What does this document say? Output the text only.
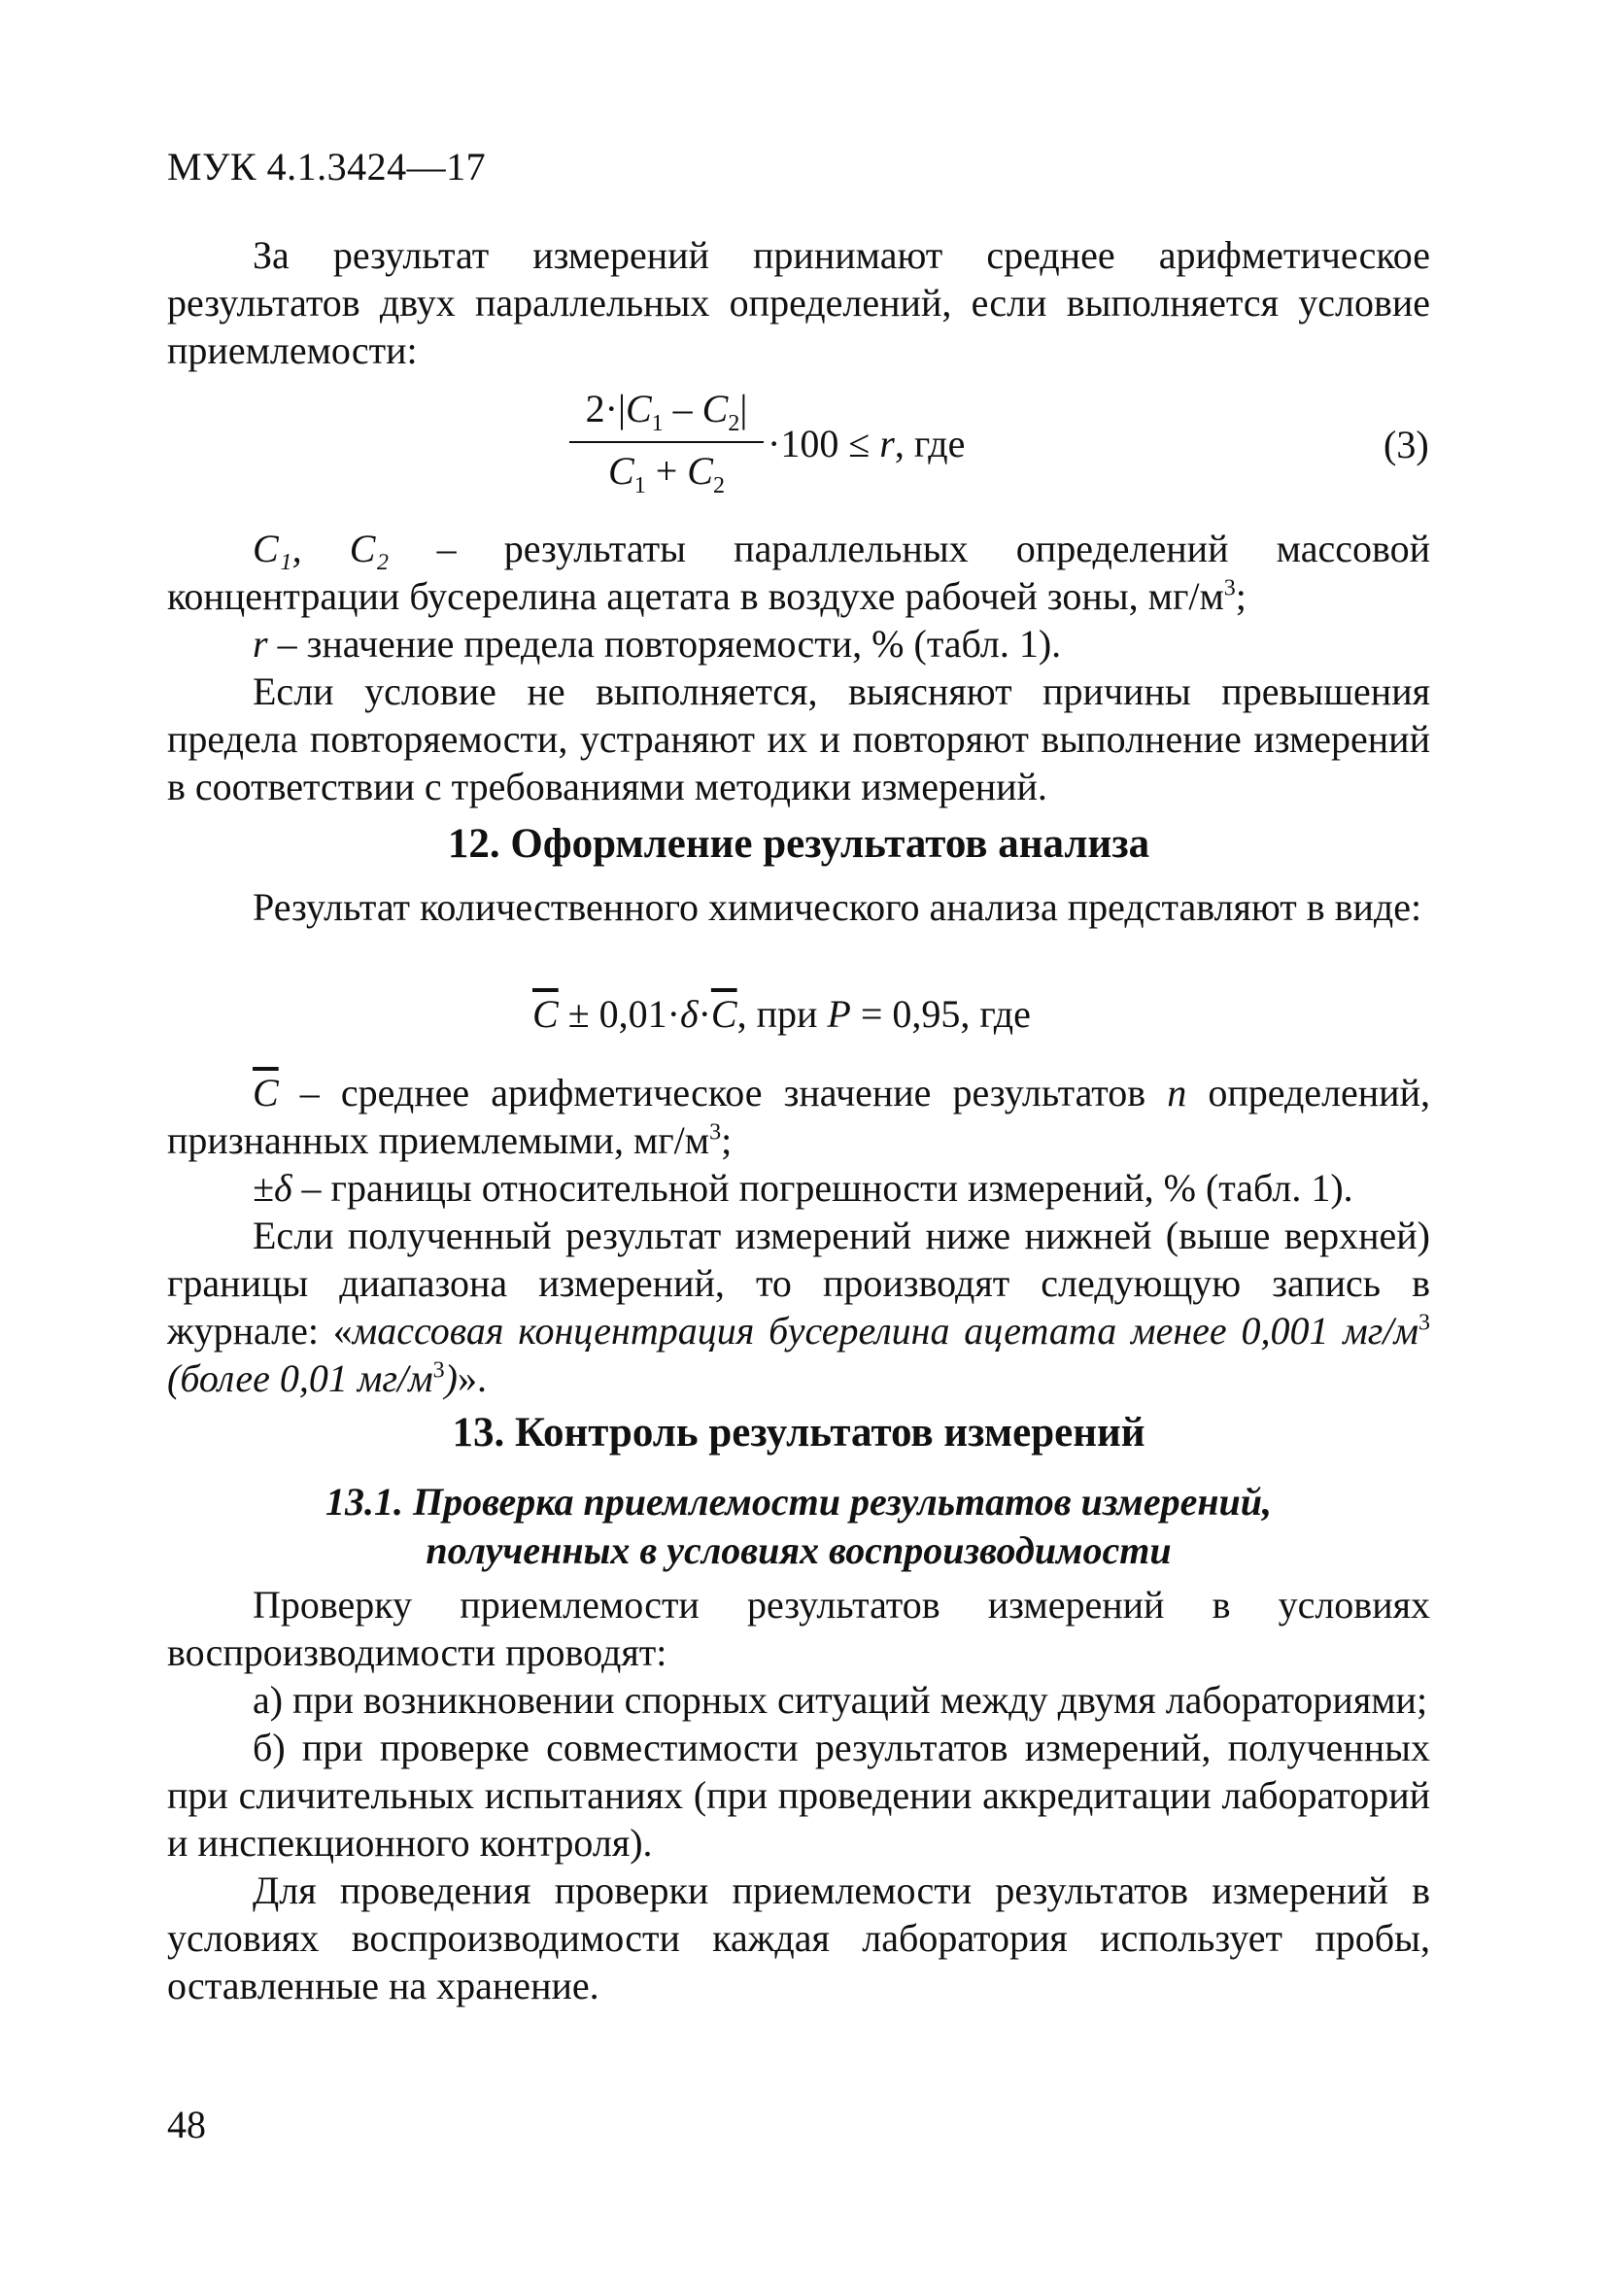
МУК 4.1.3424—17

За результат измерений принимают среднее арифметическое результатов двух параллельных определений, если выполняется условие приемлемости:

$2\cdot|C_1 - C_2|$
$C_1 + C_2$
·100 ≤ r, где	(3)

C₁, C₂ – результаты параллельных определений массовой концентрации бусерелина ацетата в воздухе рабочей зоны, $мг/м^3$;

r – значение предела повторяемости, % (табл. 1).

Если условие не выполняется, выясняют причины превышения предела повторяемости, устраняют их и повторяют выполнение измерений в соответствии с требованиями методики измерений.

12. Оформление результатов анализа

Результат количественного химического анализа представляют в виде:

$\overline{C} \pm 0,01\cdot\delta\cdot\overline{C}$, при P = 0,95, где

$\overline{C}$ – среднее арифметическое значение результатов n определений, признанных приемлемыми, $мг/м^3$;

±δ – границы относительной погрешности измерений, % (табл. 1).

Если полученный результат измерений ниже нижней (выше верхней) границы диапазона измерений, то производят следующую запись в журнале: «массовая концентрация бусерелина ацетата менее 0,001 $мг/м^3$ (более 0,01 $мг/м^3$)».

13. Контроль результатов измерений
13.1. Проверка приемлемости результатов измерений,
полученных в условиях воспроизводимости

Проверку приемлемости результатов измерений в условиях воспроизводимости проводят:

а) при возникновении спорных ситуаций между двумя лабораториями;

б) при проверке совместимости результатов измерений, полученных при сличительных испытаниях (при проведении аккредитации лабораторий и инспекционного контроля).

Для проведения проверки приемлемости результатов измерений в условиях воспроизводимости каждая лаборатория использует пробы, оставленные на хранение.

48
